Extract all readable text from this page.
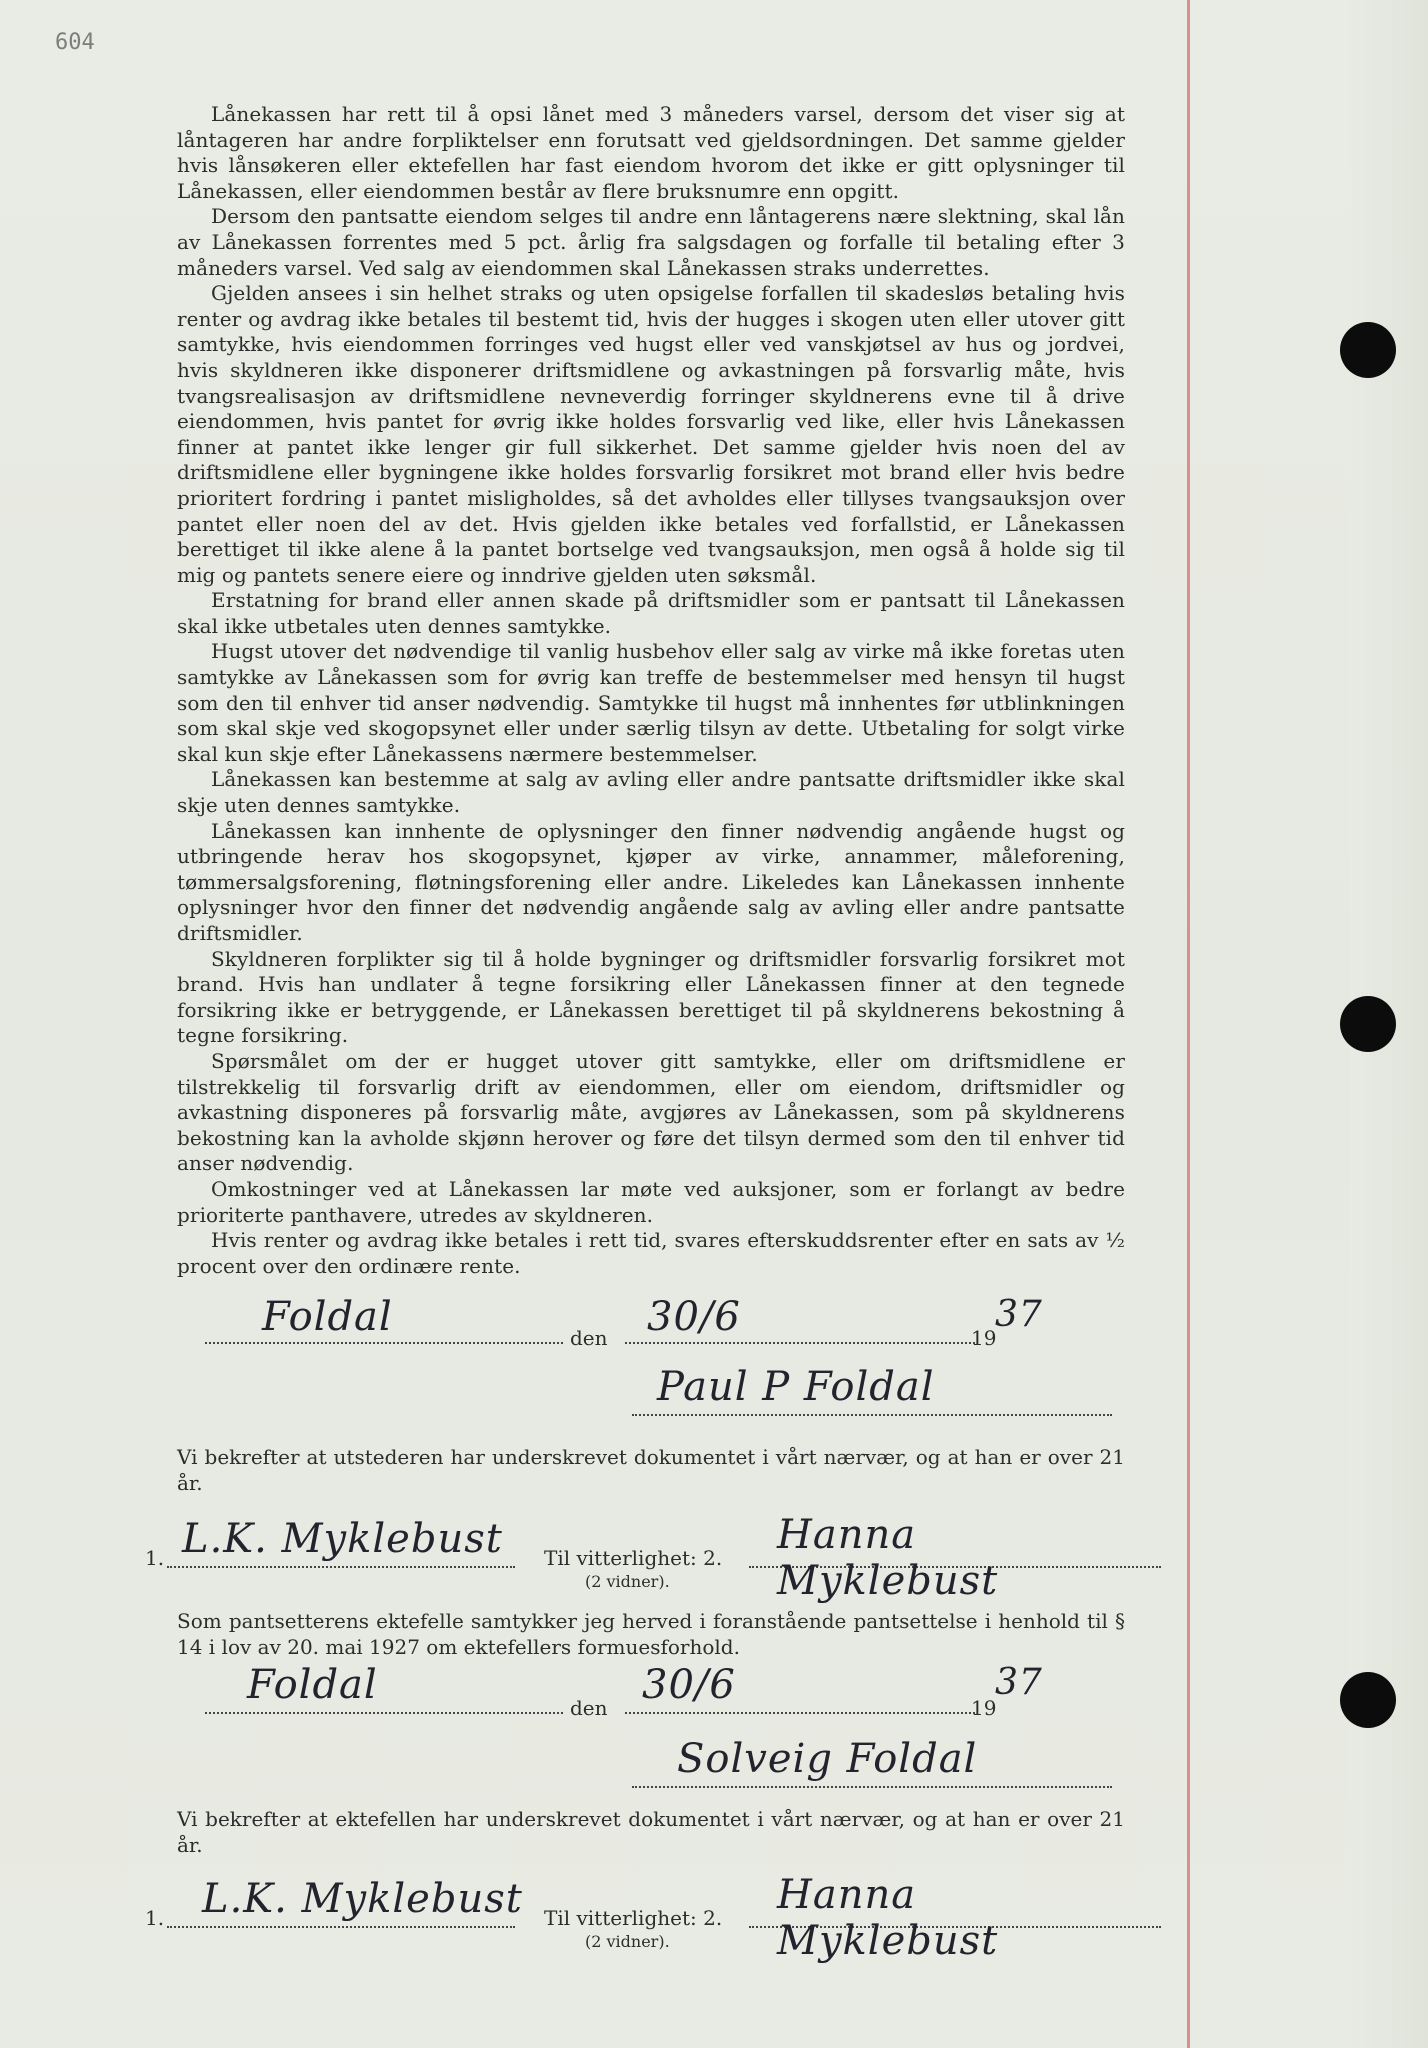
604

Lånekassen har rett til å opsi lånet med 3 måneders varsel, dersom det viser sig at låntageren har andre forpliktelser enn forutsatt ved gjeldsordningen. Det samme gjelder hvis lånsøkeren eller ektefellen har fast eiendom hvorom det ikke er gitt oplysninger til Lånekassen, eller eiendommen består av flere bruksnumre enn opgitt.

Dersom den pantsatte eiendom selges til andre enn låntagerens nære slektning, skal lån av Lånekassen forrentes med 5 pct. årlig fra salgsdagen og forfalle til betaling efter 3 måneders varsel. Ved salg av eiendommen skal Lånekassen straks underrettes.

Gjelden ansees i sin helhet straks og uten opsigelse forfallen til skadesløs betaling hvis renter og avdrag ikke betales til bestemt tid, hvis der hugges i skogen uten eller utover gitt samtykke, hvis eiendommen forringes ved hugst eller ved vanskjøtsel av hus og jordvei, hvis skyldneren ikke disponerer driftsmidlene og avkastningen på forsvarlig måte, hvis tvangsrealisasjon av driftsmidlene nevneverdig forringer skyldnerens evne til å drive eiendommen, hvis pantet for øvrig ikke holdes forsvarlig ved like, eller hvis Lånekassen finner at pantet ikke lenger gir full sikkerhet. Det samme gjelder hvis noen del av driftsmidlene eller bygningene ikke holdes forsvarlig forsikret mot brand eller hvis bedre prioritert fordring i pantet misligholdes, så det avholdes eller tillyses tvangsauksjon over pantet eller noen del av det. Hvis gjelden ikke betales ved forfallstid, er Lånekassen berettiget til ikke alene å la pantet bortselge ved tvangsauksjon, men også å holde sig til mig og pantets senere eiere og inndrive gjelden uten søksmål.

Erstatning for brand eller annen skade på driftsmidler som er pantsatt til Lånekassen skal ikke utbetales uten dennes samtykke.

Hugst utover det nødvendige til vanlig husbehov eller salg av virke må ikke foretas uten samtykke av Lånekassen som for øvrig kan treffe de bestemmelser med hensyn til hugst som den til enhver tid anser nødvendig. Samtykke til hugst må innhentes før utblinkningen som skal skje ved skogopsynet eller under særlig tilsyn av dette. Utbetaling for solgt virke skal kun skje efter Lånekassens nærmere bestemmelser.

Lånekassen kan bestemme at salg av avling eller andre pantsatte driftsmidler ikke skal skje uten dennes samtykke.

Lånekassen kan innhente de oplysninger den finner nødvendig angående hugst og utbringende herav hos skogopsynet, kjøper av virke, annammer, måleforening, tømmersalgsforening, fløtningsforening eller andre. Likeledes kan Lånekassen innhente oplysninger hvor den finner det nødvendig angående salg av avling eller andre pantsatte driftsmidler.

Skyldneren forplikter sig til å holde bygninger og driftsmidler forsvarlig forsikret mot brand. Hvis han undlater å tegne forsikring eller Lånekassen finner at den tegnede forsikring ikke er betryggende, er Lånekassen berettiget til på skyldnerens bekostning å tegne forsikring.

Spørsmålet om der er hugget utover gitt samtykke, eller om driftsmidlene er tilstrekkelig til forsvarlig drift av eiendommen, eller om eiendom, driftsmidler og avkastning disponeres på forsvarlig måte, avgjøres av Lånekassen, som på skyldnerens bekostning kan la avholde skjønn herover og føre det tilsyn dermed som den til enhver tid anser nødvendig.

Omkostninger ved at Lånekassen lar møte ved auksjoner, som er forlangt av bedre prioriterte panthavere, utredes av skyldneren.

Hvis renter og avdrag ikke betales i rett tid, svares efterskuddsrenter efter en sats av ½ procent over den ordinære rente.

Foldal	den 30/6	19
37
Paul P Foldal
Vi bekrefter at utstederen har underskrevet dokumentet i vårt nærvær, og at han er over 21 år.
1. L.K. Myklebust Til vitterlighet: 2. Hanna Myklebust
(2 vidner).
Som pantsetterens ektefelle samtykker jeg herved i foranstående pantsettelse i henhold til § 14 i lov av 20. mai 1927 om ektefellers formuesforhold.
Foldal	den 30/6	19
37
Solveig Foldal
Vi bekrefter at ektefellen har underskrevet dokumentet i vårt nærvær, og at han er over 21 år.
1. L.K. Myklebust Til vitterlighet: 2. Hanna Myklebust
(2 vidner).
